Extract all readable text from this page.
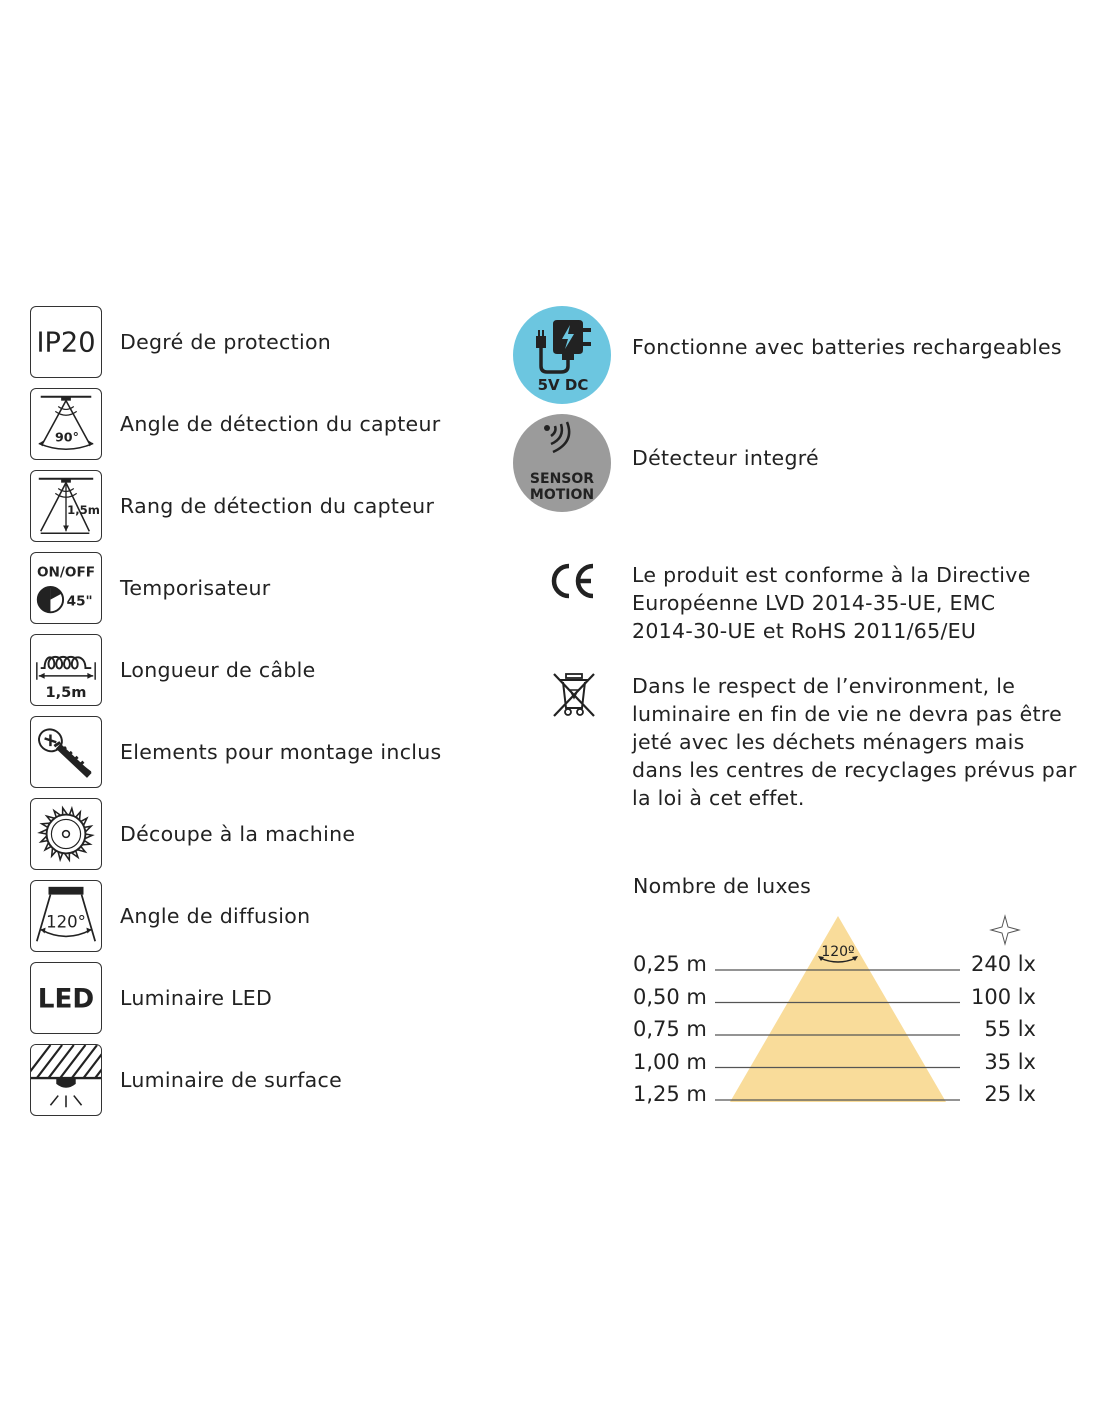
IP20 Degré de protection
90°
Angle de détection du capteur
1,5m Rang de détection du capteur
ON/OFF
45"
Temporisateur
1,5m
Longueur de câble
Elements pour montage inclus
Découpe à la machine
120° Angle de diffusion
LED Luminaire LED
Luminaire de surface
5V DC
Fonctionne avec batteries rechargeables
SENSOR
MOTION
Détecteur integré
Le produit est conforme à la Directive
Européenne LVD 2014-35-UE, EMC
2014-30-UE et RoHS 2011/65/EU
Dans le respect de l’environment, le
luminaire en fin de vie ne devra pas être
jeté avec les déchets ménagers mais
dans les centres de recyclages prévus par
la loi à cet effet.
Nombre de luxes
120º
0,25 m	240 lx
0,50 m	100 lx
0,75 m	55 lx
1,00 m	35 lx
1,25 m	25 lx
